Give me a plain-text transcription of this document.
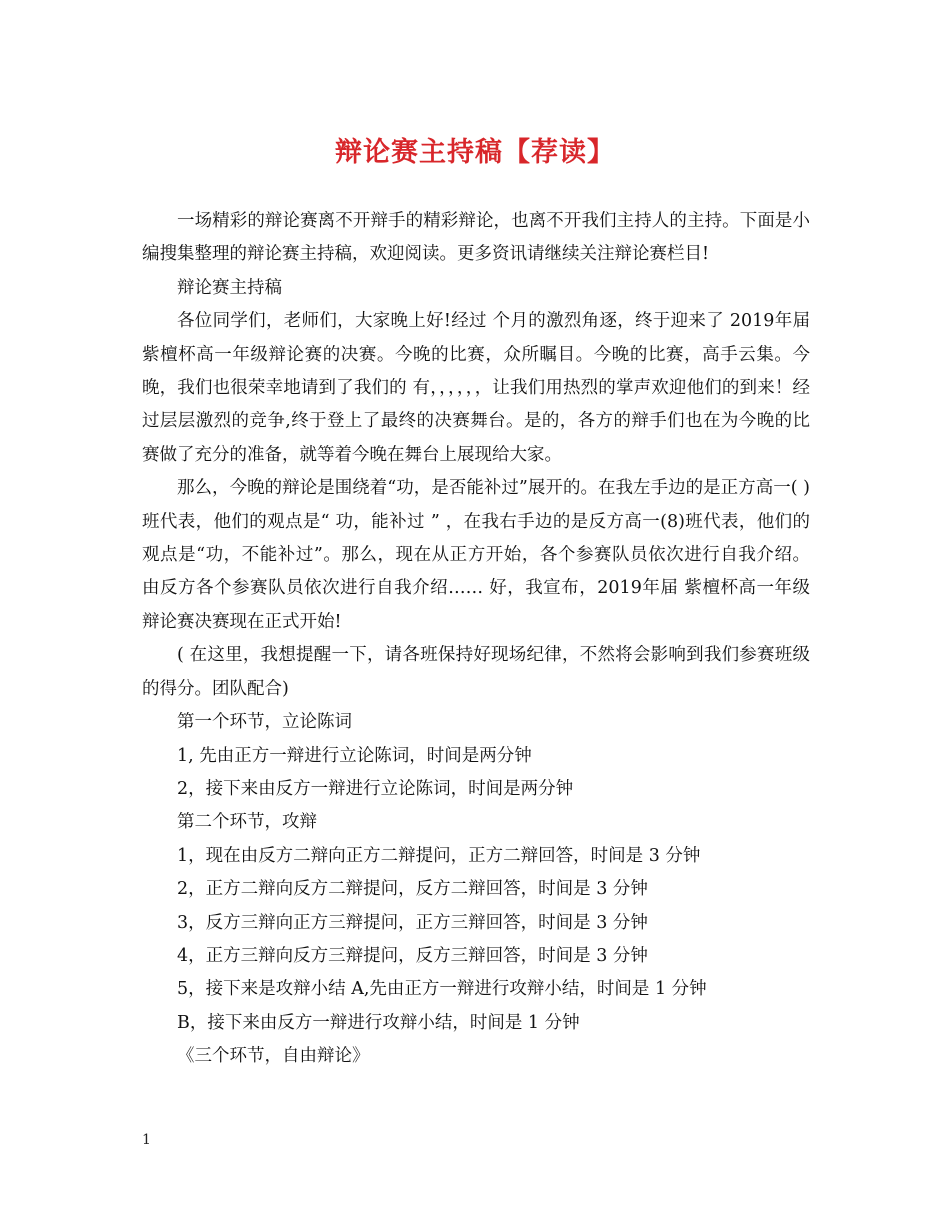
辩论赛主持稿【荐读】

一场精彩的辩论赛离不开辩手的精彩辩论，也离不开我们主持人的主持。下面是小编搜集整理的辩论赛主持稿，欢迎阅读。更多资讯请继续关注辩论赛栏目!

辩论赛主持稿

各位同学们，老师们，大家晚上好!经过 个月的激烈角逐，终于迎来了 2019年届 紫檀杯高一年级辩论赛的决赛。今晚的比赛，众所瞩目。今晚的比赛，高手云集。今晚，我们也很荣幸地请到了我们的 有，，，，，，让我们用热烈的掌声欢迎他们的到来！经过层层激烈的竞争,终于登上了最终的决赛舞台。是的，各方的辩手们也在为今晚的比赛做了充分的准备，就等着今晚在舞台上展现给大家。

那么，今晚的辩论是围绕着“功，是否能补过”展开的。在我左手边的是正方高一( )班代表，他们的观点是“ 功，能补过 ” ，在我右手边的是反方高一(8)班代表，他们的观点是“功，不能补过”。那么，现在从正方开始，各个参赛队员依次进行自我介绍。 由反方各个参赛队员依次进行自我介绍…… 好，我宣布，2019年届 紫檀杯高一年级辩论赛决赛现在正式开始!

( 在这里，我想提醒一下，请各班保持好现场纪律，不然将会影响到我们参赛班级的得分。团队配合)

第一个环节，立论陈词

1, 先由正方一辩进行立论陈词，时间是两分钟

2，接下来由反方一辩进行立论陈词，时间是两分钟

第二个环节，攻辩

1，现在由反方二辩向正方二辩提问，正方二辩回答，时间是 3 分钟

2，正方二辩向反方二辩提问，反方二辩回答，时间是 3 分钟

3，反方三辩向正方三辩提问，正方三辩回答，时间是 3 分钟

4，正方三辩向反方三辩提问，反方三辩回答，时间是 3 分钟

5，接下来是攻辩小结 A,先由正方一辩进行攻辩小结，时间是 1 分钟

B，接下来由反方一辩进行攻辩小结，时间是 1 分钟

《三个环节，自由辩论》

1
